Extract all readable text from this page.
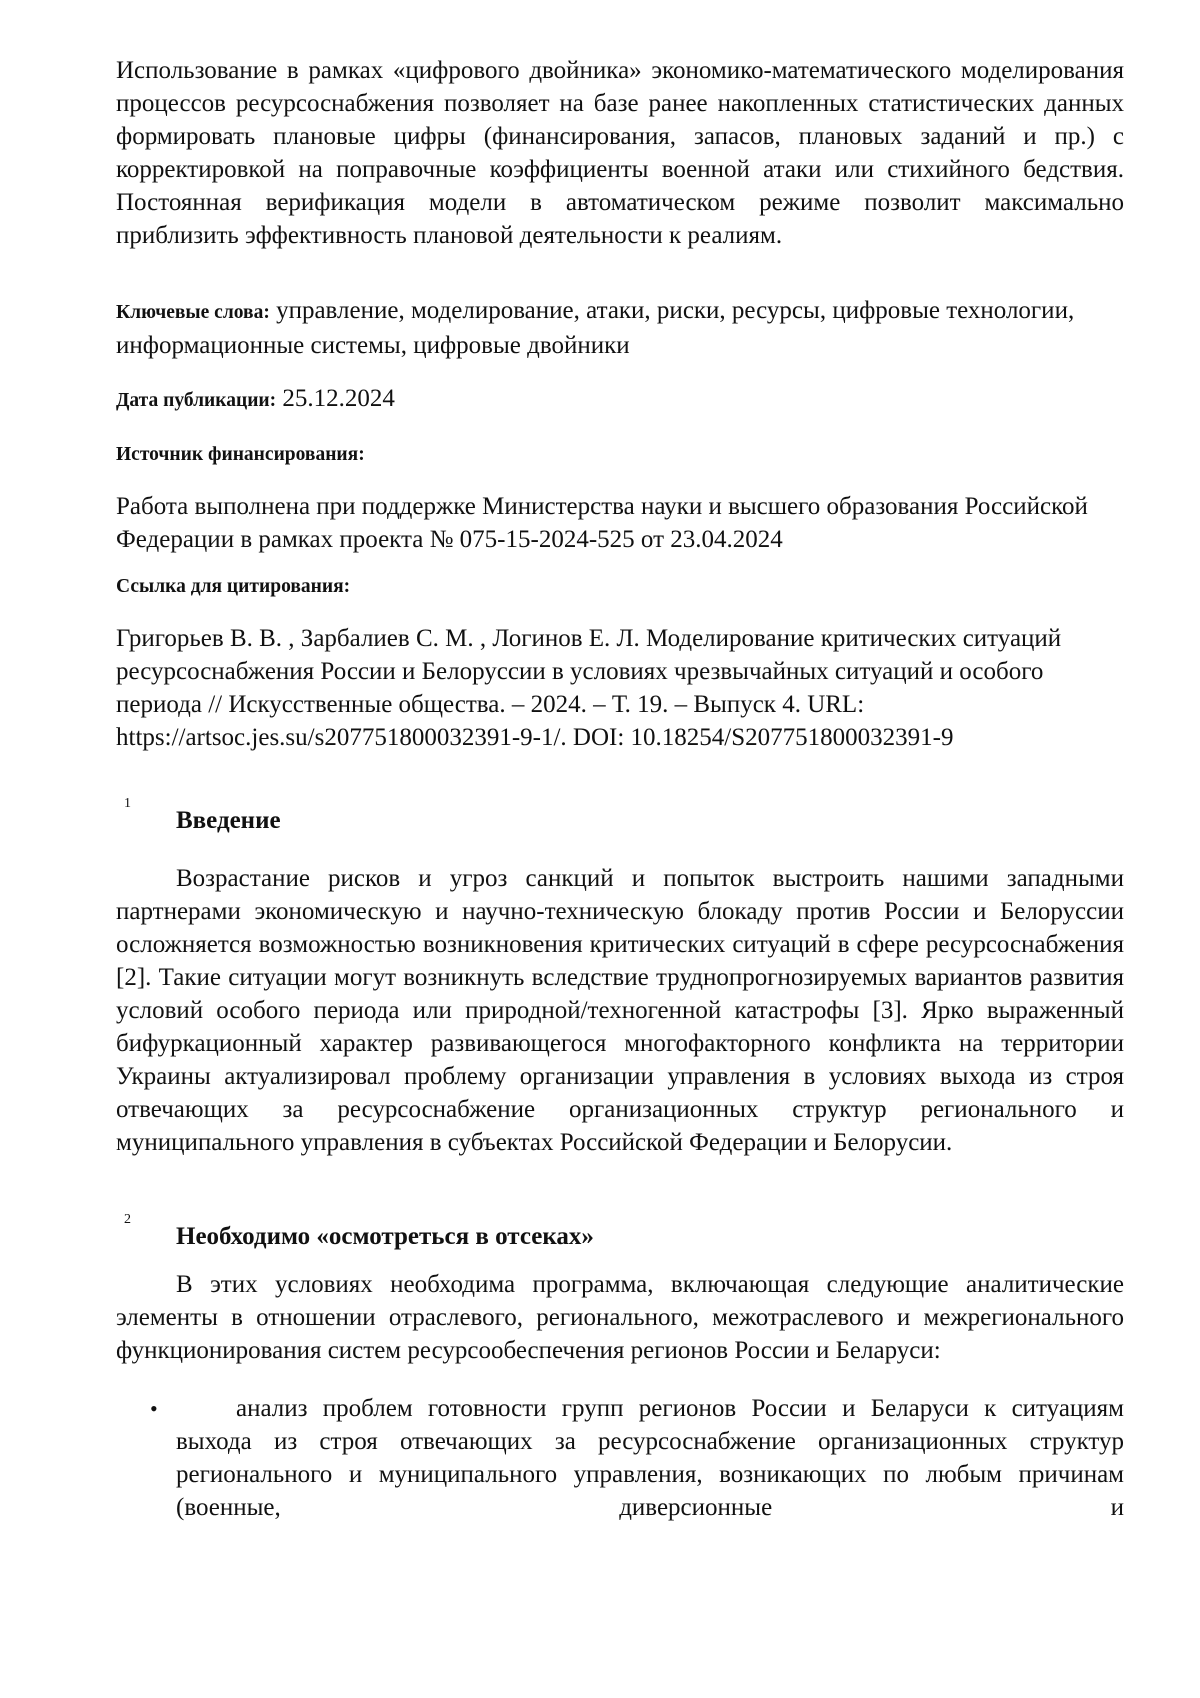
Использование в рамках «цифрового двойника» экономико-математического моделирования процессов ресурсоснабжения позволяет на базе ранее накопленных статистических данных формировать плановые цифры (финансирования, запасов, плановых заданий и пр.) с корректировкой на поправочные коэффициенты военной атаки или стихийного бедствия. Постоянная верификация модели в автоматическом режиме позволит максимально приблизить эффективность плановой деятельности к реалиям.

Ключевые слова: управление, моделирование, атаки, риски, ресурсы, цифровые технологии, информационные системы, цифровые двойники

Дата публикации: 25.12.2024

Источник финансирования:

Работа выполнена при поддержке Министерства науки и высшего образования Российской Федерации в рамках проекта № 075-15-2024-525 от 23.04.2024

Ссылка для цитирования:

Григорьев В. В. , Зарбалиев С. М. , Логинов Е. Л. Моделирование критических ситуаций ресурсоснабжения России и Белоруссии в условиях чрезвычайных ситуаций и особого периода // Искусственные общества. – 2024. – Т. 19. – Выпуск 4. URL: https://artsoc.jes.su/s207751800032391-9-1/. DOI: 10.18254/S207751800032391-9

1

Введение

Возрастание рисков и угроз санкций и попыток выстроить нашими западными партнерами экономическую и научно-техническую блокаду против России и Белоруссии осложняется возможностью возникновения критических ситуаций в сфере ресурсоснабжения [2]. Такие ситуации могут возникнуть вследствие труднопрогнозируемых вариантов развития условий особого периода или природной/техногенной катастрофы [3]. Ярко выраженный бифуркационный характер развивающегося многофакторного конфликта на территории Украины актуализировал проблему организации управления в условиях выхода из строя отвечающих за ресурсоснабжение организационных структур регионального и муниципального управления в субъектах Российской Федерации и Белорусии.

2

Необходимо «осмотреться в отсеках»

В этих условиях необходима программа, включающая следующие аналитические элементы в отношении отраслевого, регионального, межотраслевого и межрегионального функционирования систем ресурсообеспечения регионов России и Беларуси:

•	анализ проблем готовности групп регионов России и Беларуси к ситуациям выхода из строя отвечающих за ресурсоснабжение организационных структур регионального и муниципального управления, возникающих по любым причинам (военные, диверсионные и
